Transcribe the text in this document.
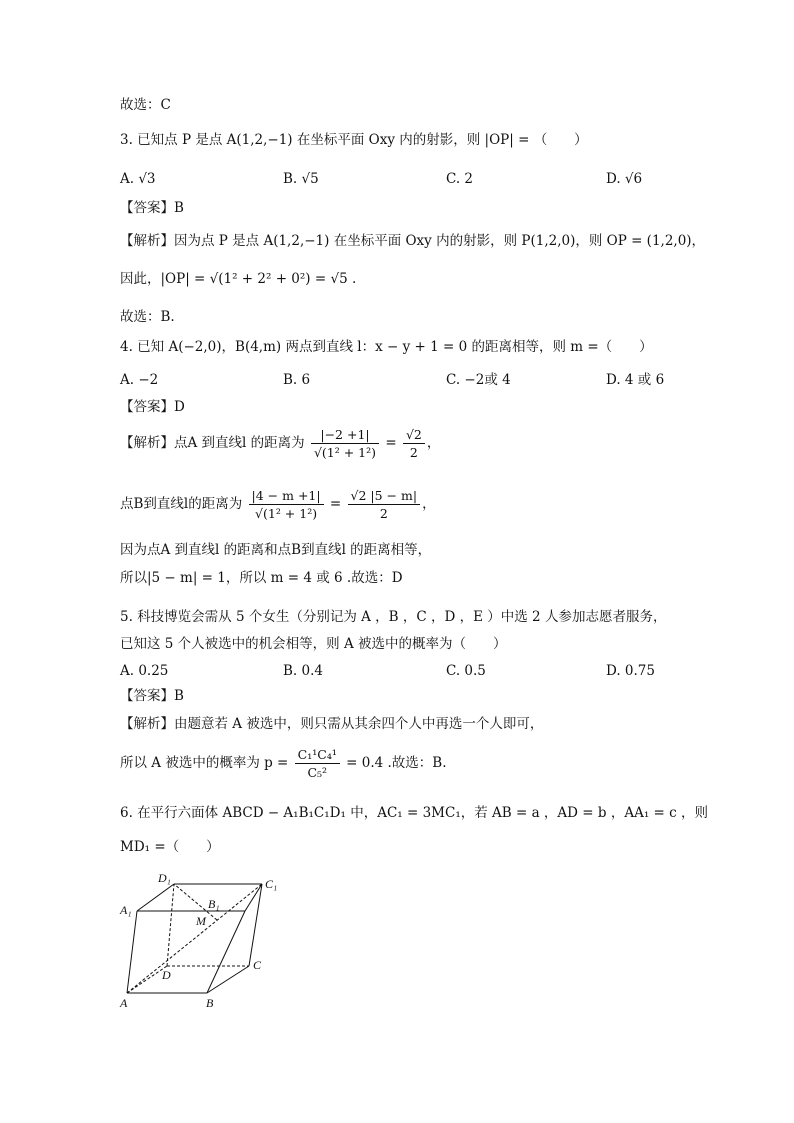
故选：C
3. 已知点 P 是点 A(1,2,−1) 在坐标平面 Oxy 内的射影，则 |OP| = （　　）
A. √3	B. √5	C. 2	D. √6
【答案】B
【解析】因为点 P 是点 A(1,2,−1) 在坐标平面 Oxy 内的射影，则 P(1,2,0)，则 OP = (1,2,0)，
因此，|OP| = √(1² + 2² + 0²) = √5 .
故选：B.
4. 已知 A(−2,0)，B(4,m) 两点到直线 l：x − y + 1 = 0 的距离相等，则 m =（　　）
A. −2	B. 6	C. −2或 4	D. 4 或 6
【答案】D
【解析】点A 到直线l 的距离为 $\frac{|-2 +1|}{\text{√(1² + 1²)}} = \frac{√2}{2}$ ，
点B到直线l的距离为 $\frac{|4 - m +1|}{\text{√(1² + 1²)}} = \frac{√2 |5 - m|}{2}$ ，
因为点A 到直线l 的距离和点B到直线l 的距离相等，
所以|5 − m| = 1，所以 m = 4 或 6 .故选：D
5. 科技博览会需从 5 个女生（分别记为 A ，B ，C ，D ，E ）中选 2 人参加志愿者服务，
已知这 5 个人被选中的机会相等，则 A 被选中的概率为（　　）
A. 0.25	B. 0.4	C. 0.5	D. 0.75
【答案】B
【解析】由题意若 A 被选中，则只需从其余四个人中再选一个人即可，
所以 A 被选中的概率为 $p = \frac{\text{C₁¹C₄¹}}{\text{C₅²}} = 0.4$ .故选：B.
6. 在平行六面体 ABCD − A₁B₁C₁D₁ 中，AC₁ = 3MC₁，若 AB = a ，AD = b ，AA₁ = c ，则
MD₁ =（　　）
D₁	C₁
A₁	B₁
M
D
C
A	B
